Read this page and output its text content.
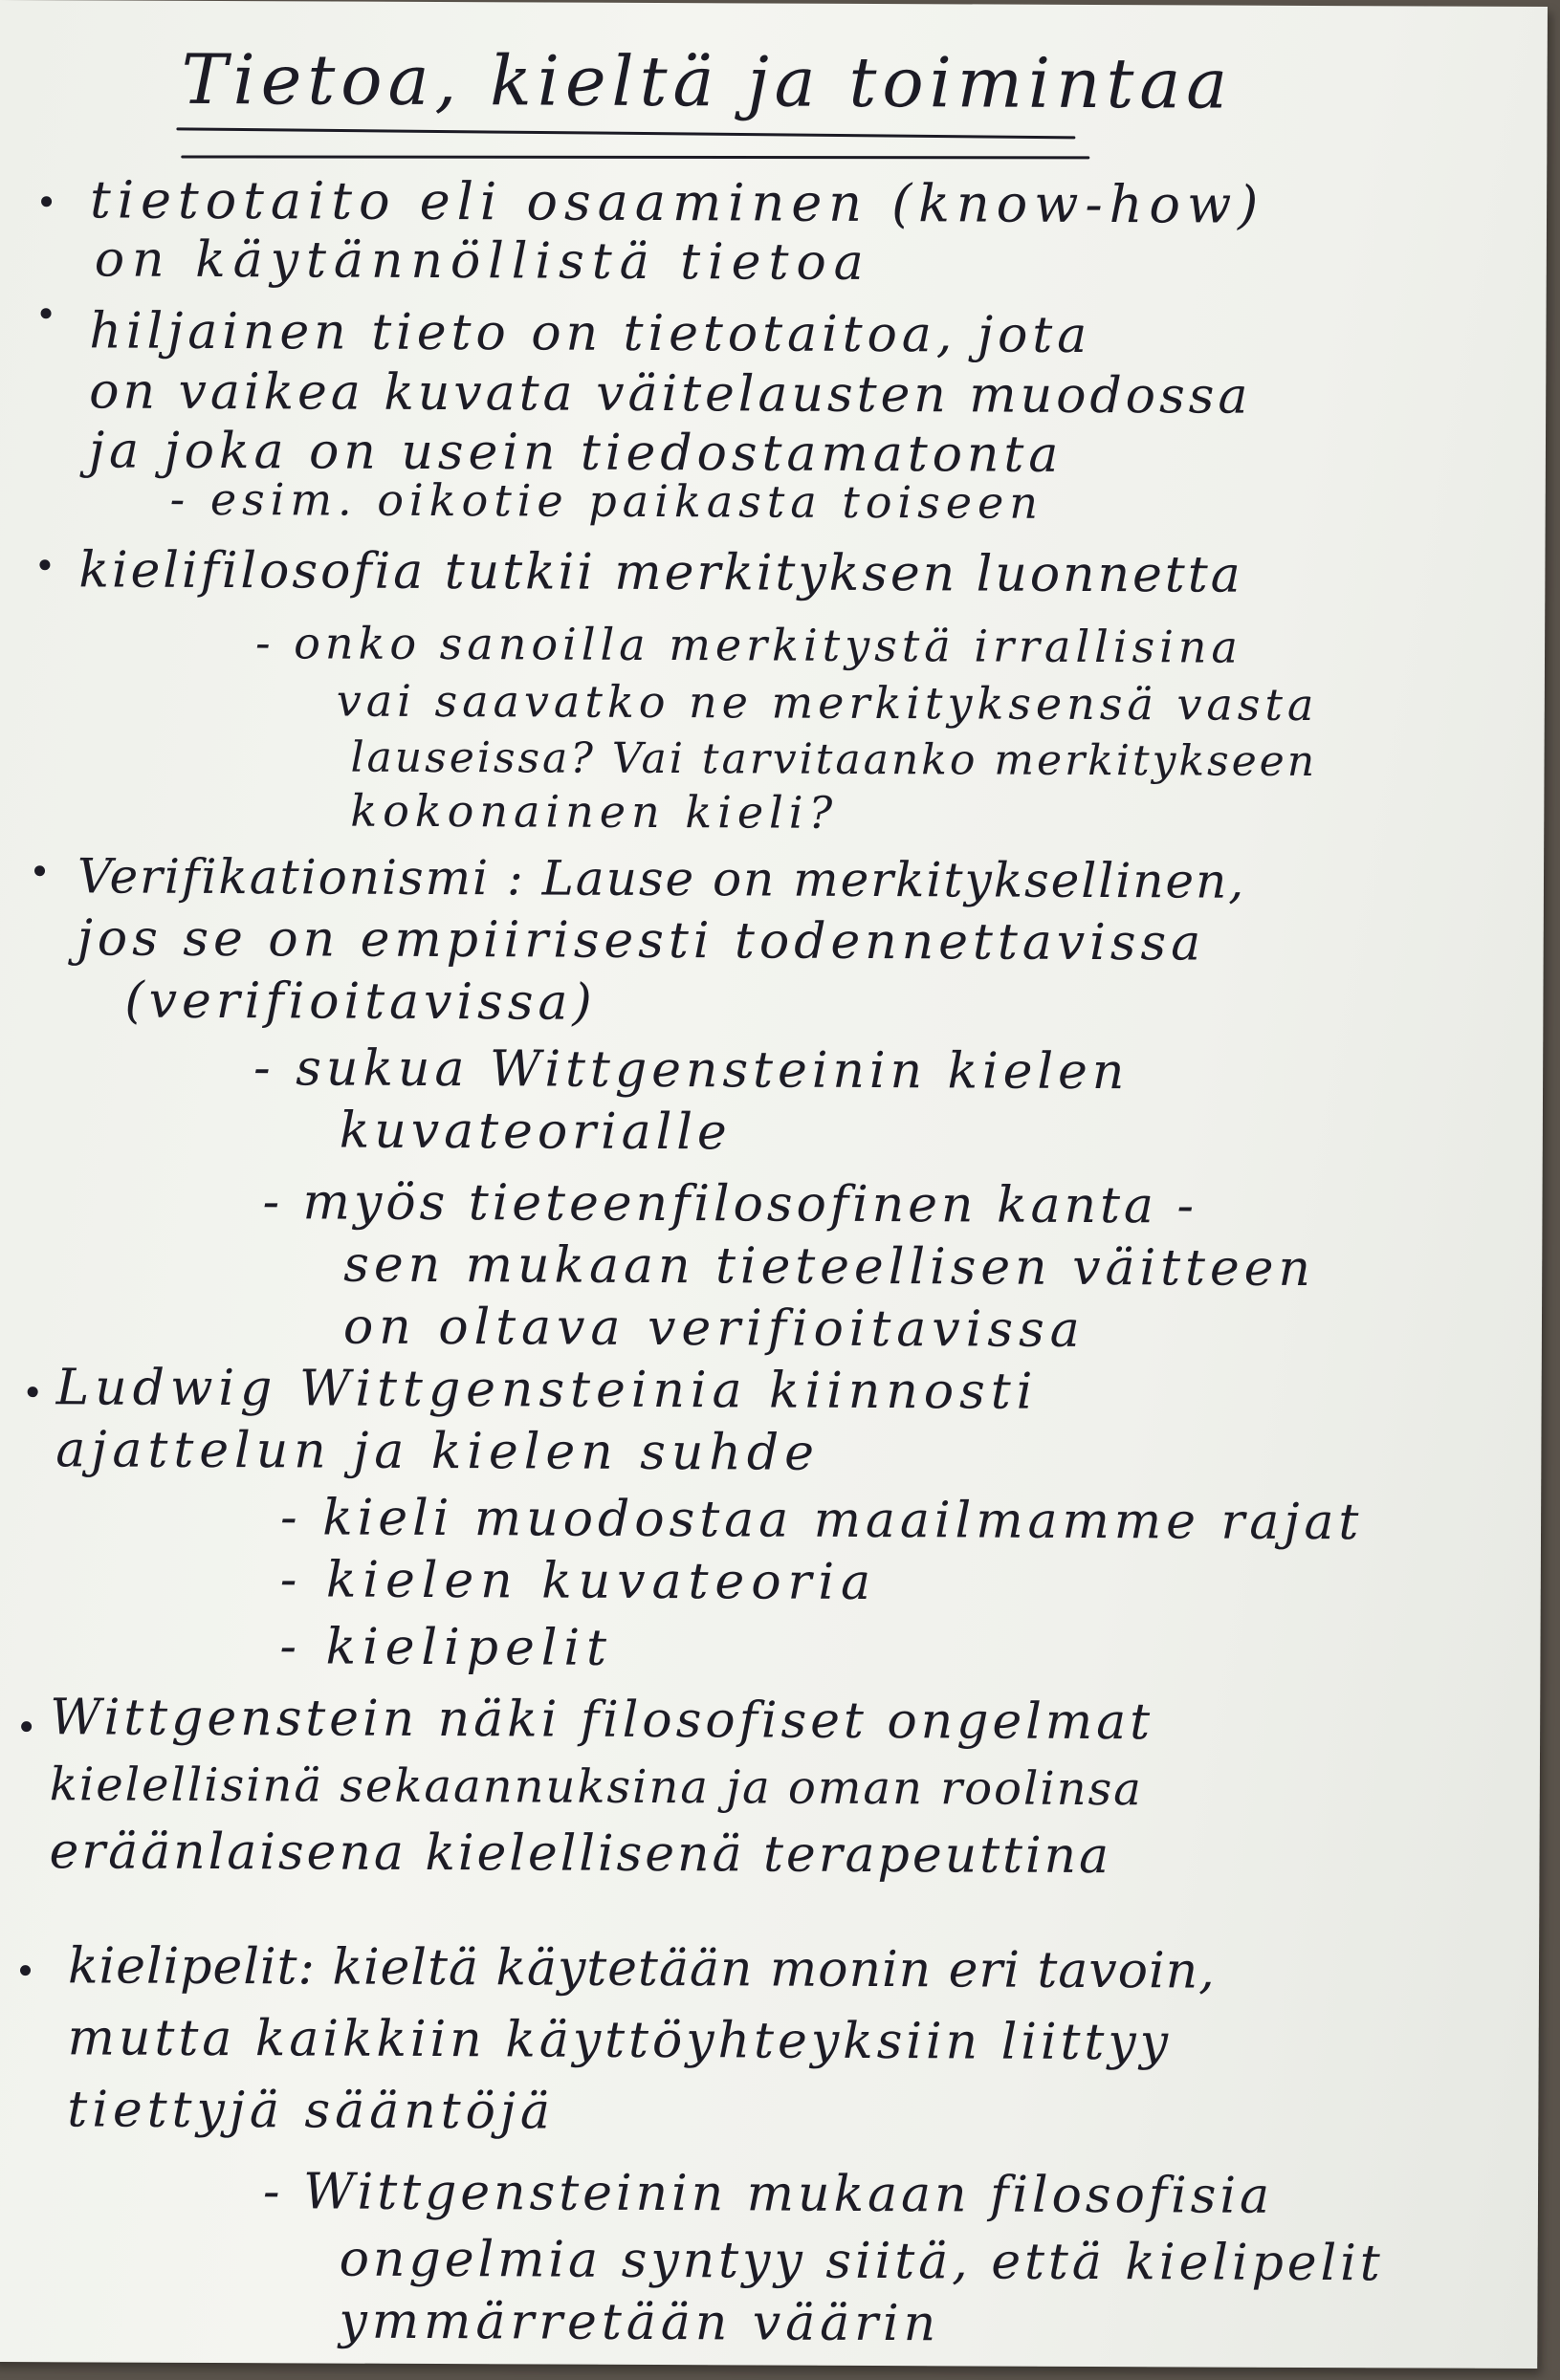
Tietoa, kieltä ja toimintaa
tietotaito eli osaaminen (know-how)
on käytännöllistä tietoa
hiljainen tieto on tietotaitoa, jota
on vaikea kuvata väitelausten muodossa
ja joka on usein tiedostamatonta
- esim. oikotie paikasta toiseen
kielifilosofia tutkii merkityksen luonnetta
- onko sanoilla merkitystä irrallisina
vai saavatko ne merkityksensä vasta
lauseissa? Vai tarvitaanko merkitykseen
kokonainen kieli?
Verifikationismi : Lause on merkityksellinen,
jos se on empiirisesti todennettavissa
(verifioitavissa)
- sukua Wittgensteinin kielen
kuvateorialle
- myös tieteenfilosofinen kanta -
sen mukaan tieteellisen väitteen
on oltava verifioitavissa
Ludwig Wittgensteinia kiinnosti
ajattelun ja kielen suhde
- kieli muodostaa maailmamme rajat
- kielen kuvateoria
- kielipelit
Wittgenstein näki filosofiset ongelmat
kielellisinä sekaannuksina ja oman roolinsa
eräänlaisena kielellisenä terapeuttina
kielipelit: kieltä käytetään monin eri tavoin,
mutta kaikkiin käyttöyhteyksiin liittyy
tiettyjä sääntöjä
- Wittgensteinin mukaan filosofisia
ongelmia syntyy siitä, että kielipelit
ymmärretään väärin
